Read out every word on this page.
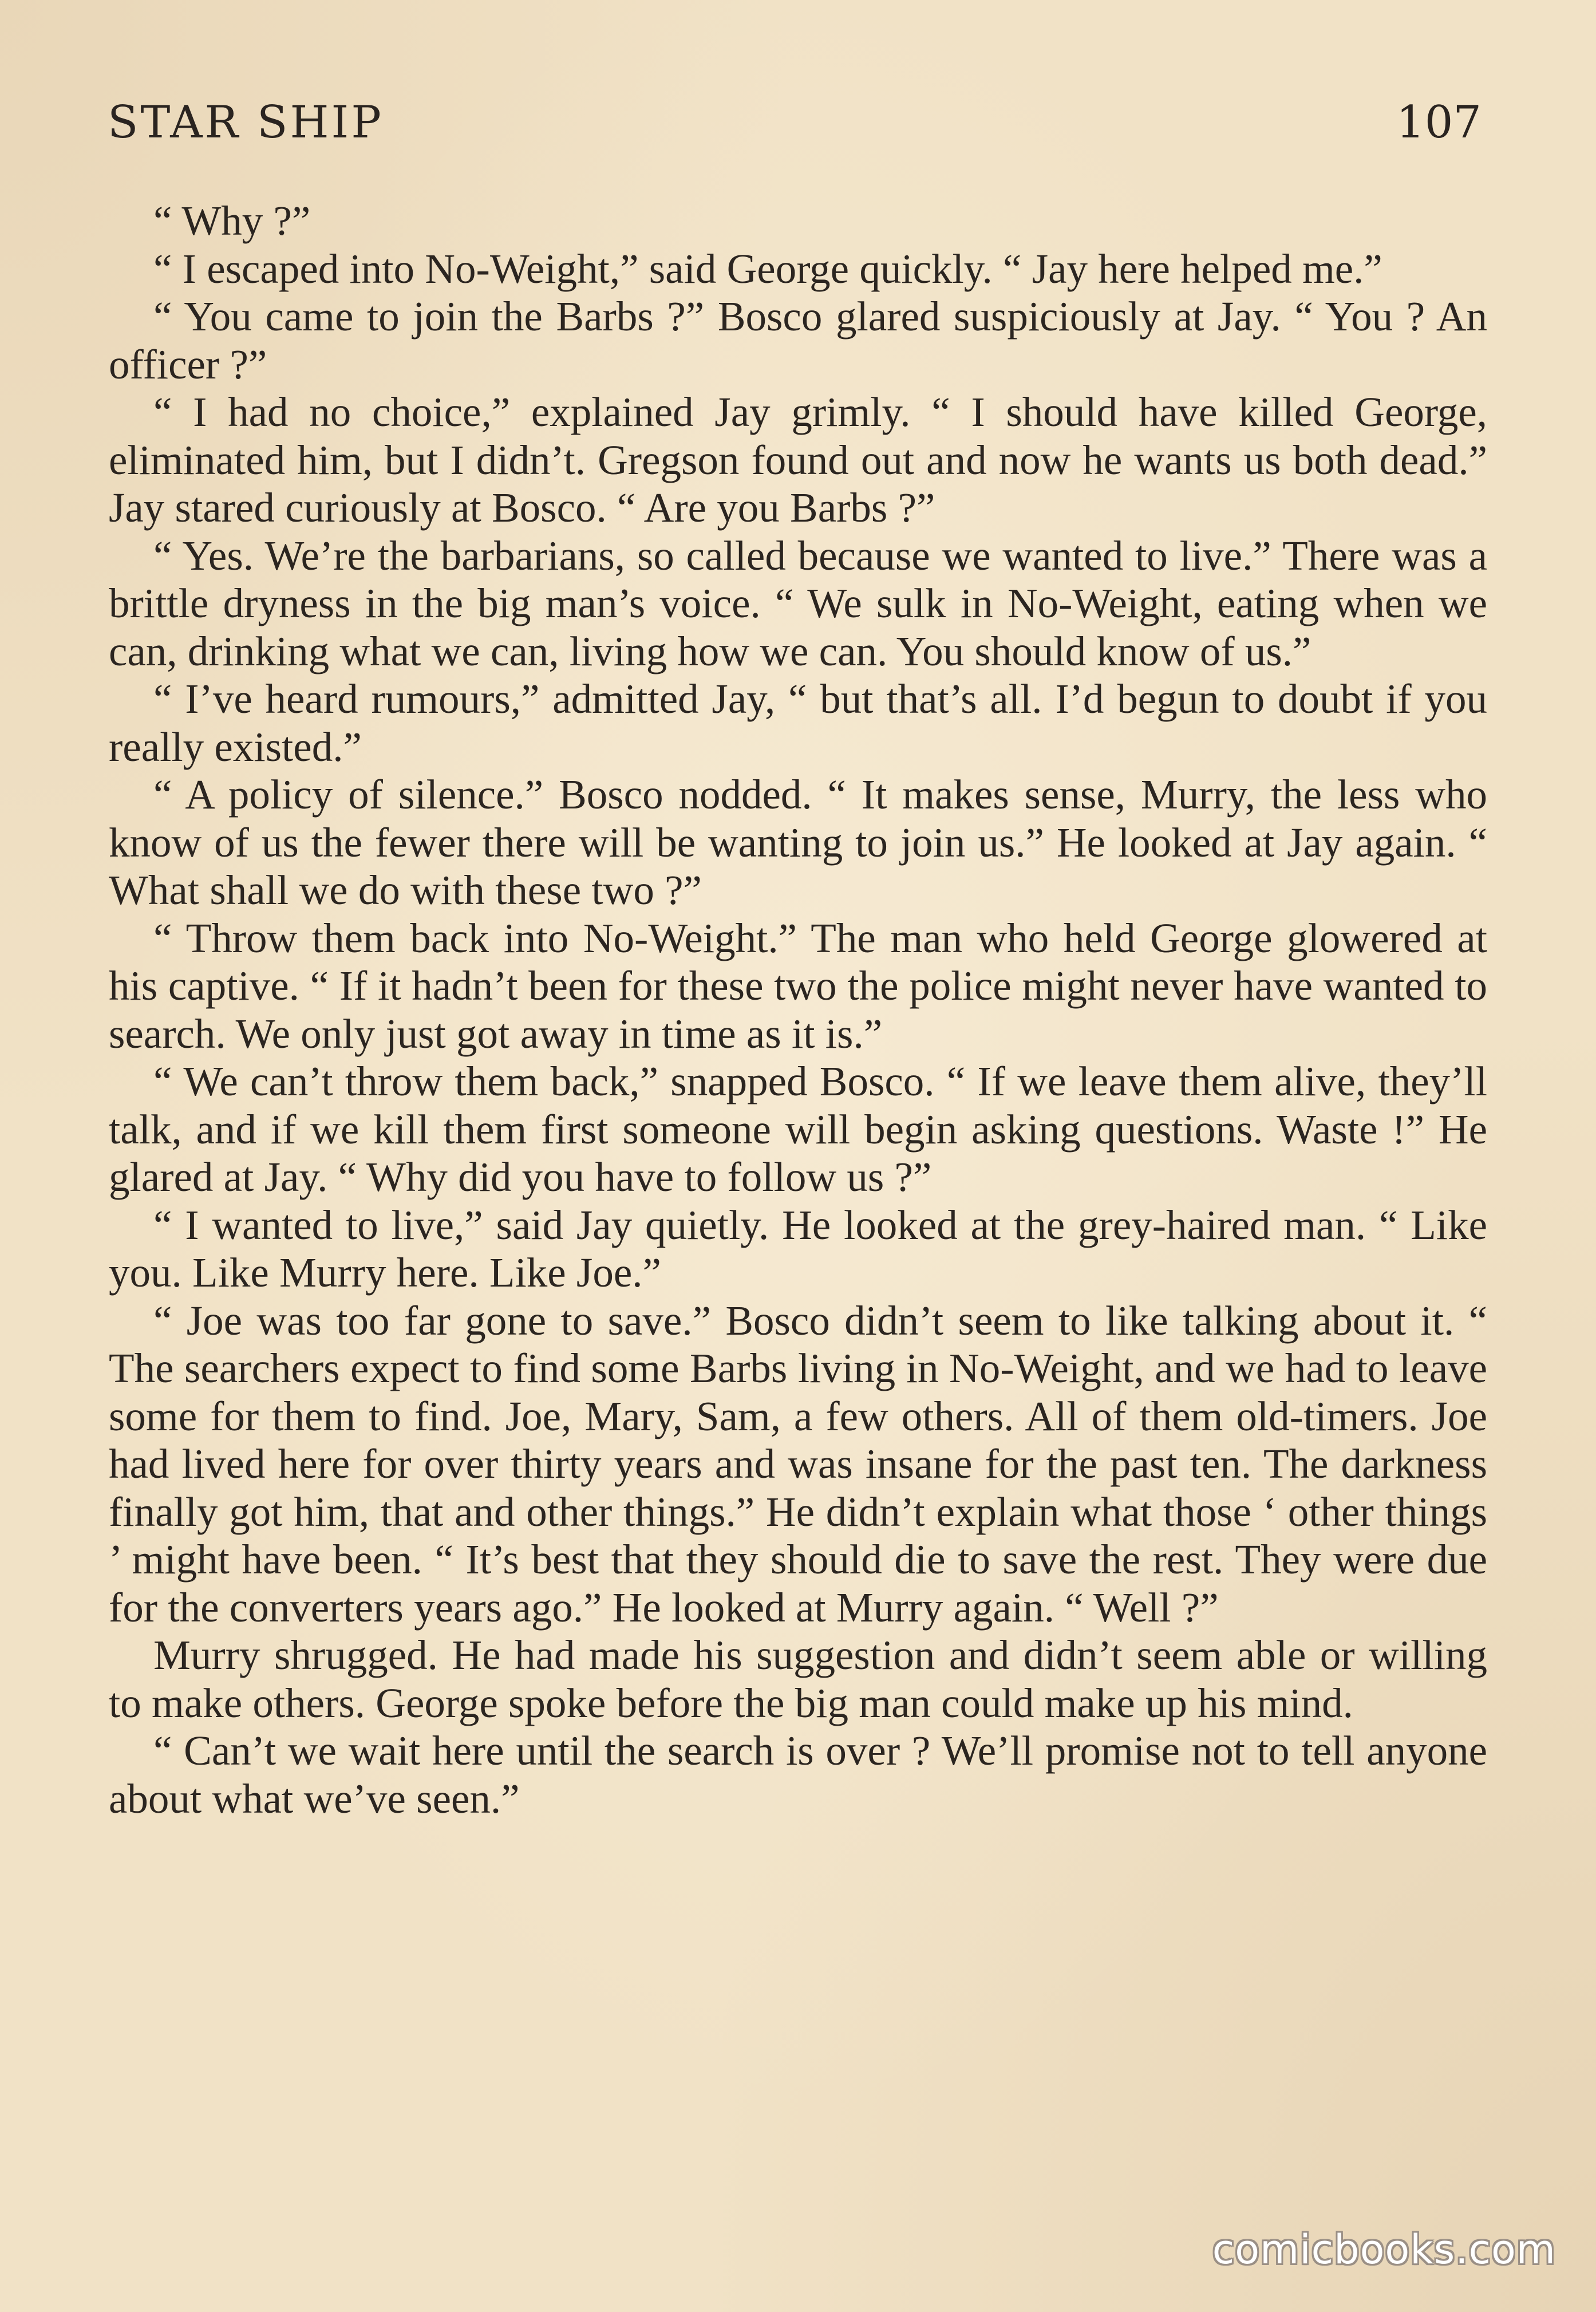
STAR SHIP	107

“ Why ?”

“ I escaped into No-Weight,” said George quickly. “ Jay here helped me.”

“ You came to join the Barbs ?” Bosco glared suspiciously at Jay. “ You ? An officer ?”

“ I had no choice,” explained Jay grimly. “ I should have killed George, eliminated him, but I didn’t. Gregson found out and now he wants us both dead.” Jay stared curiously at Bosco. “ Are you Barbs ?”

“ Yes. We’re the barbarians, so called because we wanted to live.” There was a brittle dryness in the big man’s voice. “ We sulk in No-Weight, eating when we can, drinking what we can, living how we can. You should know of us.”

“ I’ve heard rumours,” admitted Jay, “ but that’s all. I’d begun to doubt if you really existed.”

“ A policy of silence.” Bosco nodded. “ It makes sense, Murry, the less who know of us the fewer there will be wanting to join us.” He looked at Jay again. “ What shall we do with these two ?”

“ Throw them back into No-Weight.” The man who held George glowered at his captive. “ If it hadn’t been for these two the police might never have wanted to search. We only just got away in time as it is.”

“ We can’t throw them back,” snapped Bosco. “ If we leave them alive, they’ll talk, and if we kill them first someone will begin asking questions. Waste !” He glared at Jay. “ Why did you have to follow us ?”

“ I wanted to live,” said Jay quietly. He looked at the grey-haired man. “ Like you. Like Murry here. Like Joe.”

“ Joe was too far gone to save.” Bosco didn’t seem to like talking about it. “ The searchers expect to find some Barbs living in No-Weight, and we had to leave some for them to find. Joe, Mary, Sam, a few others. All of them old-timers. Joe had lived here for over thirty years and was insane for the past ten. The darkness finally got him, that and other things.” He didn’t explain what those ‘ other things ’ might have been. “ It’s best that they should die to save the rest. They were due for the converters years ago.” He looked at Murry again. “ Well ?”

Murry shrugged. He had made his suggestion and didn’t seem able or willing to make others. George spoke before the big man could make up his mind.

“ Can’t we wait here until the search is over ? We’ll promise not to tell anyone about what we’ve seen.”

comicbooks.com
